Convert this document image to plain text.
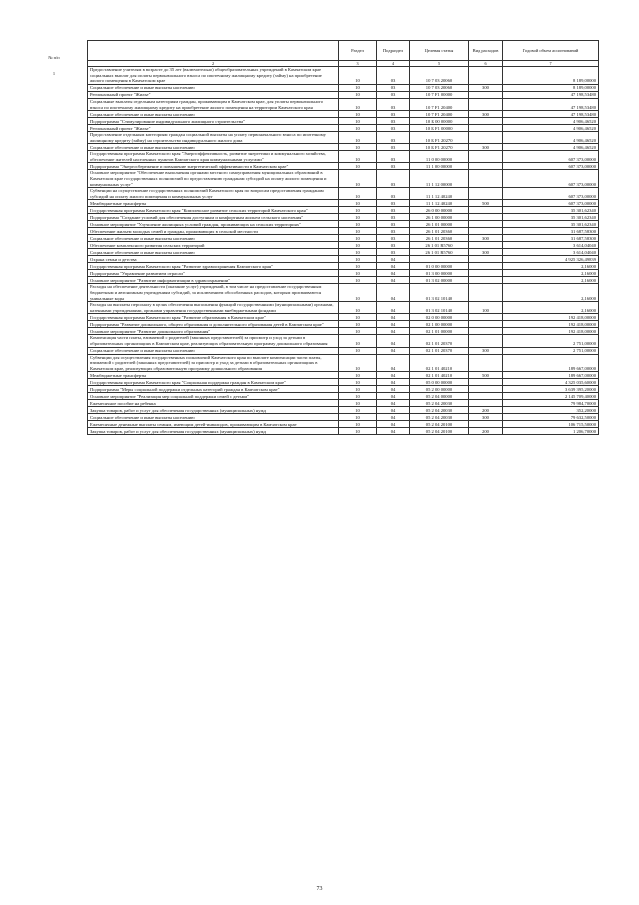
	Раздел	Подраздел	Целевая статья	Вид расходов	Годовой объем ассигнований
2	3	4	5	6	7
Предоставление учителям в возрасте до 35 лет (включительно) общеобразовательных учреждений в Камчатском крае социальных выплат для оплаты первоначального взноса по ипотечному жилищному кредиту (займу) на приобретение жилого помещения в Камчатском крае	10	03	10 7 03 20060		8 189,00000
Социальное обеспечение и иные выплаты населению	10	03	10 7 03 20060	300	8 189,00000
Региональный проект "Жилье"	10	03	10 7 F1 00000		47 198,53480
Социальные выплаты отдельным категориям граждан, проживающим в Камчатском крае, для уплаты первоначального взноса по ипотечному жилищному кредиту на приобретение жилого помещения на территории Камчатского края	10	03	10 7 F1 20400		47 198,53480
Социальное обеспечение и иные выплаты населению	10	03	10 7 F1 20400	300	47 198,53480
Подпрограмма "Стимулирование индивидуального жилищного строительства"	10	03	10 Б 00 00000		4 906,46520
Региональный проект "Жилье"	10	03	10 Б F1 00000		4 906,46520
Предоставление отдельным категориям граждан социальной выплаты на уплату первоначального взноса по ипотечному жилищному кредиту (займу) на строительство индивидуального жилого дома	10	03	10 Б F1 20270		4 906,46520
Социальное обеспечение и иные выплаты населению	10	03	10 Б F1 20270	300	4 906,46520
Государственная программа Камчатского края "Энергоэффективность, развитие энергетики и коммунального хозяйства, обеспечение жителей населенных пунктов Камчатского края коммунальными услугами"	10	03	11 0 00 00000		607 373,00000
Подпрограмма "Энергосбережение и повышение энергетической эффективности в Камчатском крае"	10	03	11 1 00 00000		607 373,00000
Основное мероприятие "Обеспечение выполнения органами местного самоуправления муниципальных образований в Камчатском крае государственных полномочий по предоставлению гражданам субсидий на оплату жилого помещения и коммунальных услуг"	10	03	11 1 12 00000		607 373,00000
Субвенции на осуществление государственных полномочий Камчатского края по вопросам предоставления гражданам субсидий на оплату жилого помещения и коммунальных услуг	10	03	11 1 12 40240		607 373,00000
Межбюджетные трансферты	10	03	11 1 12 40240	500	607 373,00000
Государственная программа Камчатского края "Комплексное развитие сельских территорий Камчатского края"	10	03	26 0 00 00000		35 301,62340
Подпрограмма "Создание условий для обеспечения доступным и комфортным жильем сельского населения"	10	03	26 1 00 00000		35 301,62340
Основное мероприятие "Улучшение жилищных условий граждан, проживающих на сельских территориях"	10	03	26 1 01 00000		35 301,62340
Обеспечение жильем молодых семей и граждан, проживающих в сельской местности	10	03	26 1 01 20360		31 687,58300
Социальное обеспечение и иные выплаты населению	10	03	26 1 01 20360	300	31 687,58300
Обеспечение комплексного развития сельских территорий	10	03	26 1 01 R5760		3 614,04040
Социальное обеспечение и иные выплаты населению	10	03	26 1 01 R5760	300	3 614,04040
Охрана семьи и детства	10	04			4 925 326,49839
Государственная программа Камчатского края "Развитие здравоохранения Камчатского края"	10	04	01 0 00 00000		2,16000
Подпрограмма "Управление развитием отрасли"	10	04	01 3 00 00000		2,16000
Основное мероприятие "Развитие информатизации в здравоохранении"	10	04	01 3 02 00000		2,16000
Расходы на обеспечение деятельности (оказание услуг) учреждений, в том числе на предоставление государственным бюджетным и автономным учреждениям субсидий, за исключением обособленных расходов, которым присваиваются уникальные коды	10	04	01 3 02 10140		2,16000
Расходы на выплаты персоналу в целях обеспечения выполнения функций государственными (муниципальными) органами, казенными учреждениями, органами управления государственными внебюджетными фондами	10	04	01 3 02 10140	100	2,16000
Государственная программа Камчатского края "Развитие образования в Камчатском крае"	10	04	02 0 00 00000		192 418,00000
Подпрограмма "Развитие дошкольного, общего образования и дополнительного образования детей в Камчатском крае"	10	04	02 1 00 00000		192 418,00000
Основное мероприятие "Развитие дошкольного образования"	10	04	02 1 01 00000		192 418,00000
Компенсация части платы, взимаемой с родителей (законных представителей) за присмотр и уход за детьми в образовательных организациях в Камчатском крае, реализующих образовательную программу дошкольного образования	10	04	02 1 01 20370		2 751,00000
Социальное обеспечение и иные выплаты населению	10	04	02 1 01 20370	300	2 751,00000
Субвенции для осуществления государственных полномочий Камчатского края по выплате компенсации части платы, взимаемой с родителей (законных представителей) за присмотр и уход за детьми в образовательных организациях в Камчатском крае, реализующих образовательную программу дошкольного образования	10	04	02 1 01 40210		189 667,00000
Межбюджетные трансферты	10	04	02 1 01 40210	500	189 667,00000
Государственная программа Камчатского края "Социальная поддержка граждан в Камчатском крае"	10	04	05 0 00 00000		4 325 035,60000
Подпрограмма "Меры социальной поддержки отдельных категорий граждан в Камчатском крае"	10	04	05 2 00 00000		3 639 395,20000
Основное мероприятие "Реализация мер социальной поддержки семей с детьми"	10	04	05 2 04 00000		2 145 709,40000
Ежемесячное пособие на ребенка	10	04	05 2 04 20030		79 984,70000
Закупка товаров, работ и услуг для обеспечения государственных (муниципальных) нужд	10	04	05 2 04 20030	200	352,20000
Социальное обеспечение и иные выплаты населению	10	04	05 2 04 20030	300	79 632,50000
Ежемесячные денежные выплаты семьям, имеющим детей-инвалидов, проживающим в Камчатском крае	10	04	05 2 04 20100		106 715,50000
Закупка товаров, работ и услуг для обеспечения государственных (муниципальных) нужд	10	04	05 2 04 20100	200	1 206,70000
№ п/п
1
73
